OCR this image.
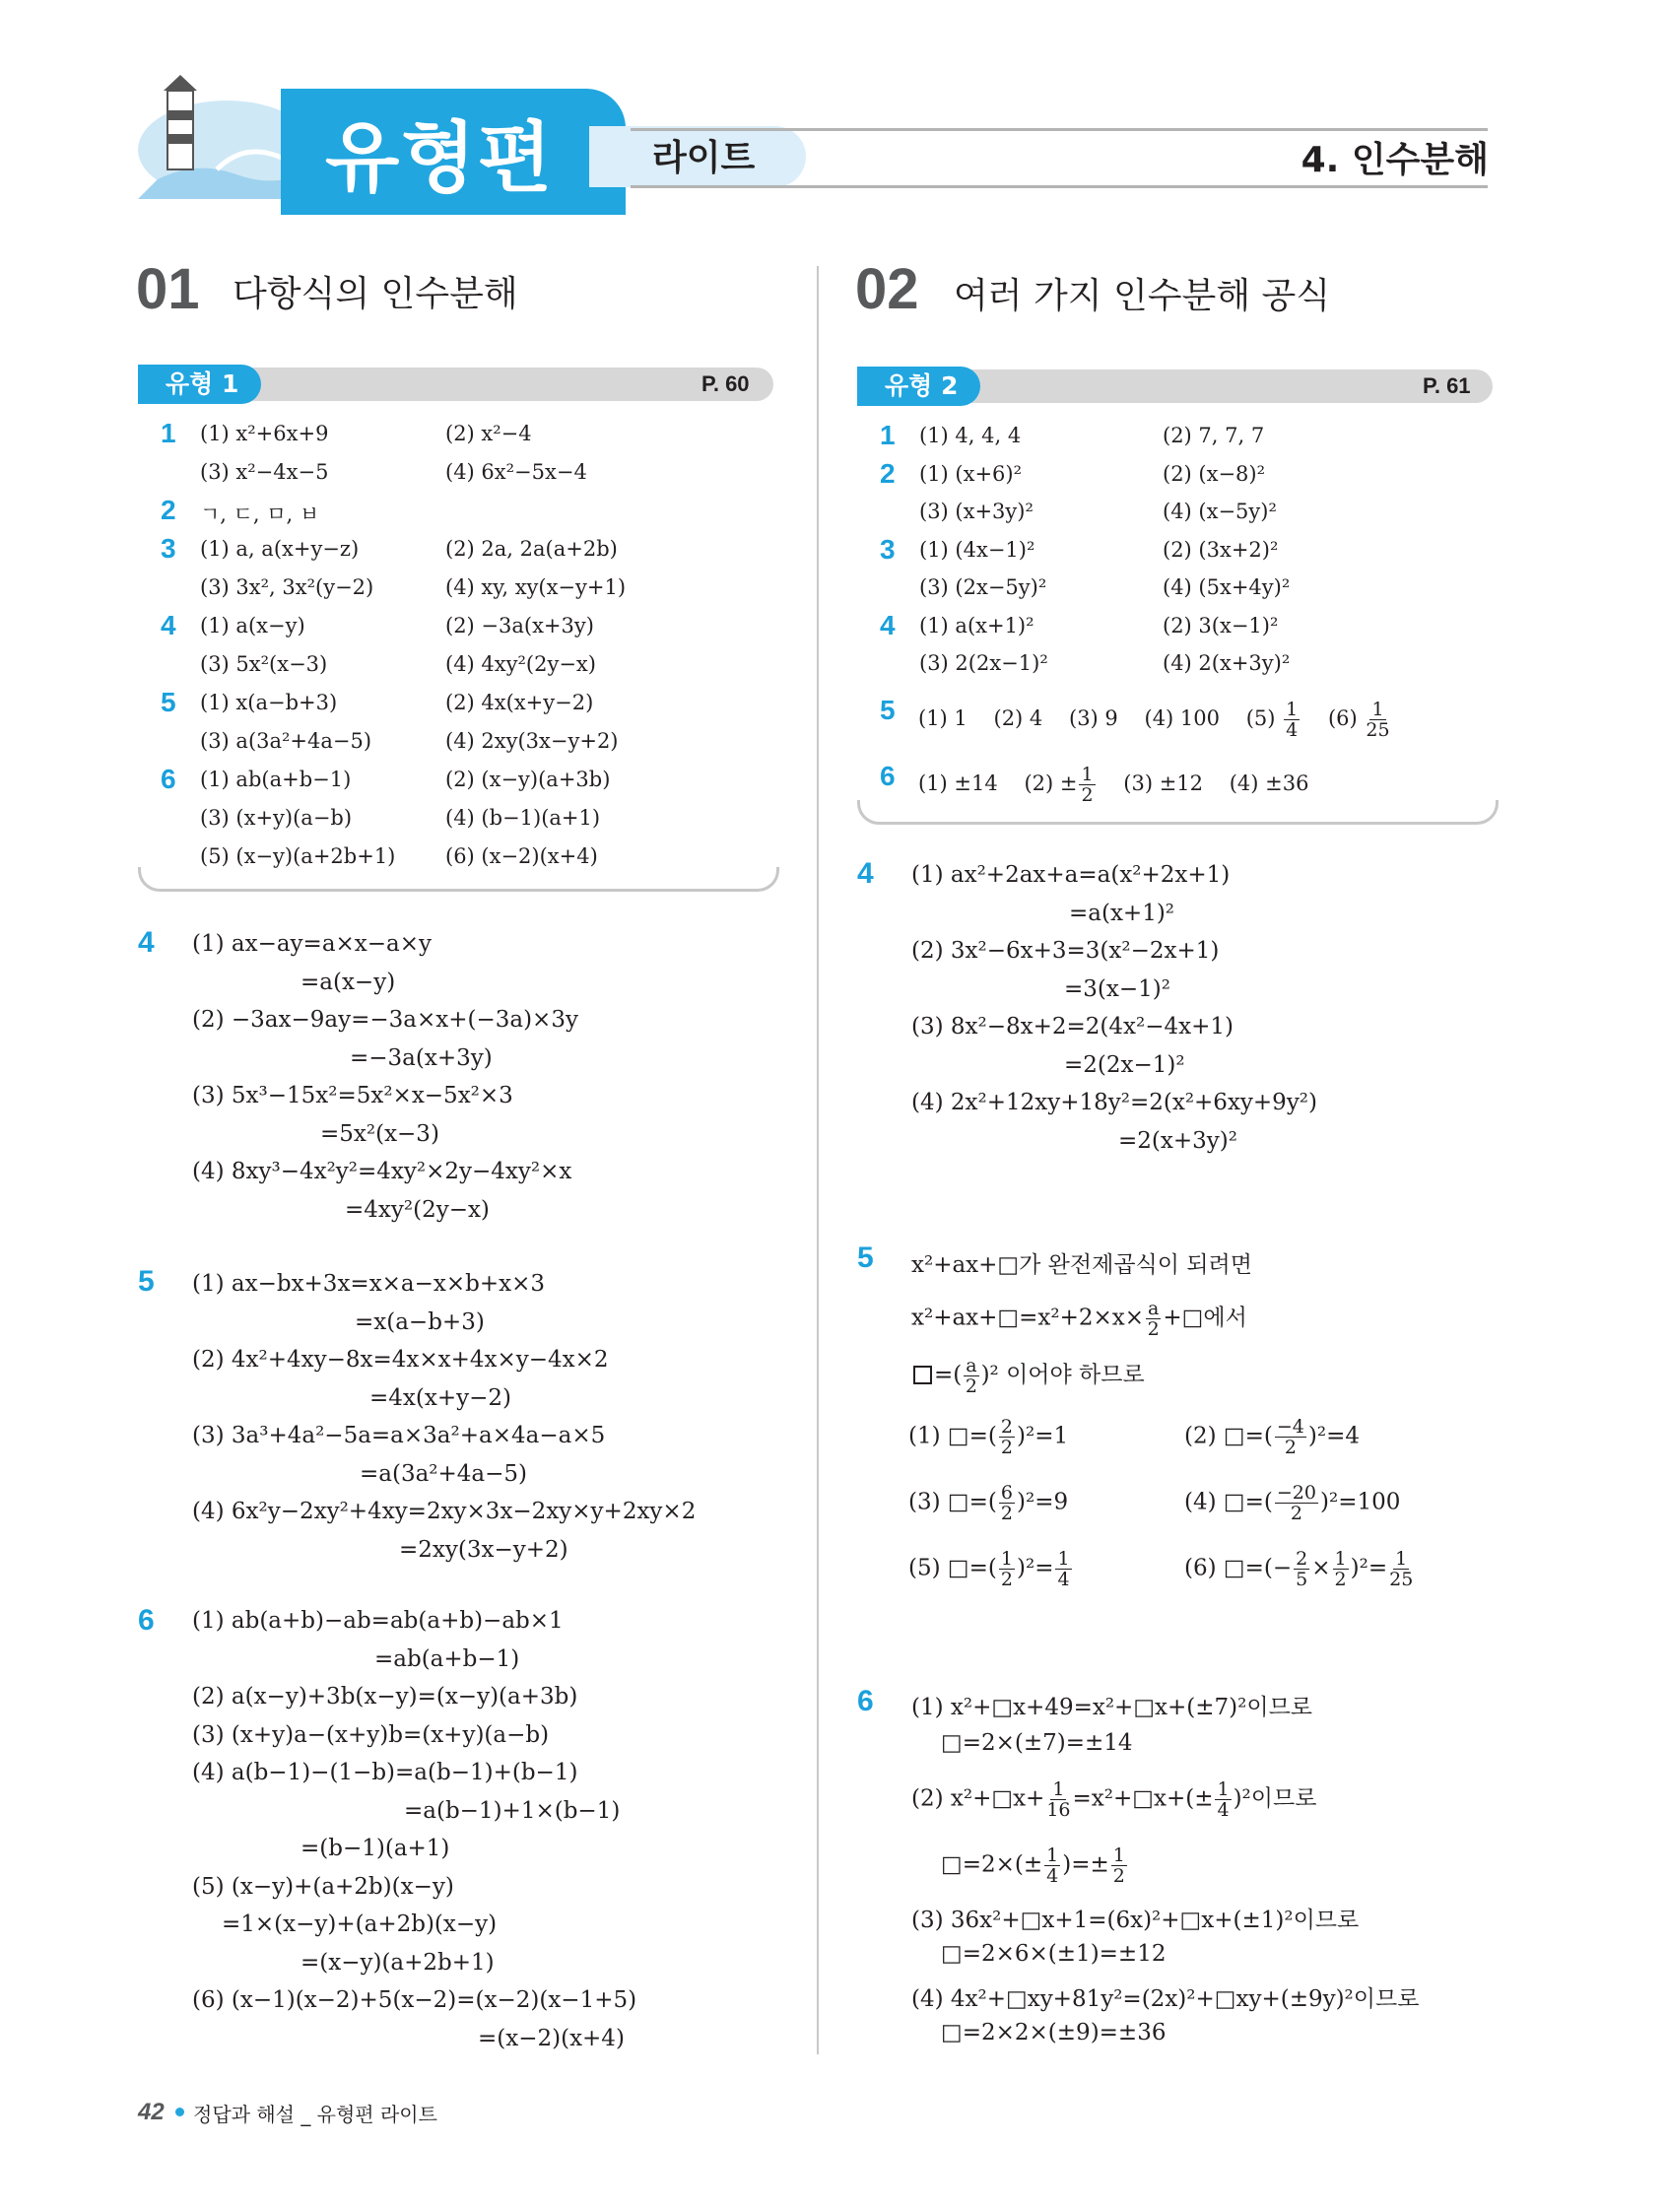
유형편	라이트	4. 인수분해
01 다항식의 인수분해
유형 1	P. 60
1 (1) x²+6x+9	(2) x²−4
(3) x²−4x−5	(4) 6x²−5x−4
2 ㄱ, ㄷ, ㅁ, ㅂ
3 (1) a, a(x+y−z)	(2) 2a, 2a(a+2b)
(3) 3x², 3x²(y−2)	(4) xy, xy(x−y+1)
4 (1) a(x−y)	(2) −3a(x+3y)
(3) 5x²(x−3)	(4) 4xy²(2y−x)
5 (1) x(a−b+3)	(2) 4x(x+y−2)
(3) a(3a²+4a−5)	(4) 2xy(3x−y+2)
6 (1) ab(a+b−1)	(2) (x−y)(a+3b)
(3) (x+y)(a−b)	(4) (b−1)(a+1)
(5) (x−y)(a+2b+1) (6) (x−2)(x+4)
02 여러 가지 인수분해 공식
유형 2	P. 61
1 (1) 4, 4, 4	(2) 7, 7, 7
2 (1) (x+6)²	(2) (x−8)²
(3) (x+3y)²	(4) (x−5y)²
3 (1) (4x−1)²	(2) (3x+2)²
(3) (2x−5y)²	(4) (5x+4y)²
4 (1) a(x+1)²	(2) 3(x−1)²
(3) 2(2x−1)²	(4) 2(x+3y)²
5 (1) 1 (2) 4 (3) 9 (4) 100 $(5) \frac{1}{4} (6) \frac{1}{25}$
6 (1) ±14 $(2) \pm \frac{1}{2} (3) \pm 12$ (4) ±36
4 (1) ax−ay=a×x−a×y
=a(x−y)
(2) −3ax−9ay=−3a×x+(−3a)×3y
=−3a(x+3y)
(3) 5x³−15x²=5x²×x−5x²×3
=5x²(x−3)
(4) 8xy³−4x²y²=4xy²×2y−4xy²×x
=4xy²(2y−x)
5 (1) ax−bx+3x=x×a−x×b+x×3
=x(a−b+3)
(2) 4x²+4xy−8x=4x×x+4x×y−4x×2
=4x(x+y−2)
(3) 3a³+4a²−5a=a×3a²+a×4a−a×5
=a(3a²+4a−5)
(4) 6x²y−2xy²+4xy=2xy×3x−2xy×y+2xy×2
=2xy(3x−y+2)
6 (1) ab(a+b)−ab=ab(a+b)−ab×1
=ab(a+b−1)
(2) a(x−y)+3b(x−y)=(x−y)(a+3b)
(3) (x+y)a−(x+y)b=(x+y)(a−b)
(4) a(b−1)−(1−b)=a(b−1)+(b−1)
=a(b−1)+1×(b−1)
=(b−1)(a+1)
(5) (x−y)+(a+2b)(x−y)
=1×(x−y)+(a+2b)(x−y)
=(x−y)(a+2b+1)
(6) (x−1)(x−2)+5(x−2)=(x−2)(x−1+5)
=(x−2)(x+4)
4 (1) ax²+2ax+a=a(x²+2x+1)
=a(x+1)²
(2) 3x²−6x+3=3(x²−2x+1)
=3(x−1)²
(3) 8x²−8x+2=2(4x²−4x+1)
=2(2x−1)²
(4) 2x²+12xy+18y²=2(x²+6xy+9y²)
=2(x+3y)²
5 x²+ax+□가 완전제곱식이 되려면
x²+ax+□=x²+2×x× $\frac{a}{2}$ +□에서
=( $\frac{a}{2} )^2$ 이어야 하므로
(1) □=( $\frac{2}{2} )^2=1$	(2) □=( $\frac{-4}{2} )^2=4$
(3) □=( $\frac{6}{2} )^2=9$	(4) □=( $\frac{-20}{2} )^2=100$
(5) □=( $\frac{1}{2} )^2= \frac{1}{4}$	(6) □=(− $\frac{2}{5} \times \frac{1}{2} )^2= \frac{1}{25}$
6 (1) x²+□x+49=x²+□x+(±7)²이므로
□=2×(±7)=±14
(2) x²+□x+ $\frac{1}{16}$ =x²+□x+(± $\frac{1}{4} )^2$이므로
□=2×(± $\frac{1}{4}$ )=± $\frac{1}{2}$
(3) 36x²+□x+1=(6x)²+□x+(±1)²이므로
□=2×6×(±1)=±12
(4) 4x²+□xy+81y²=(2x)²+□xy+(±9y)²이므로
□=2×2×(±9)=±36
42 정답과 해설 _ 유형편 라이트
